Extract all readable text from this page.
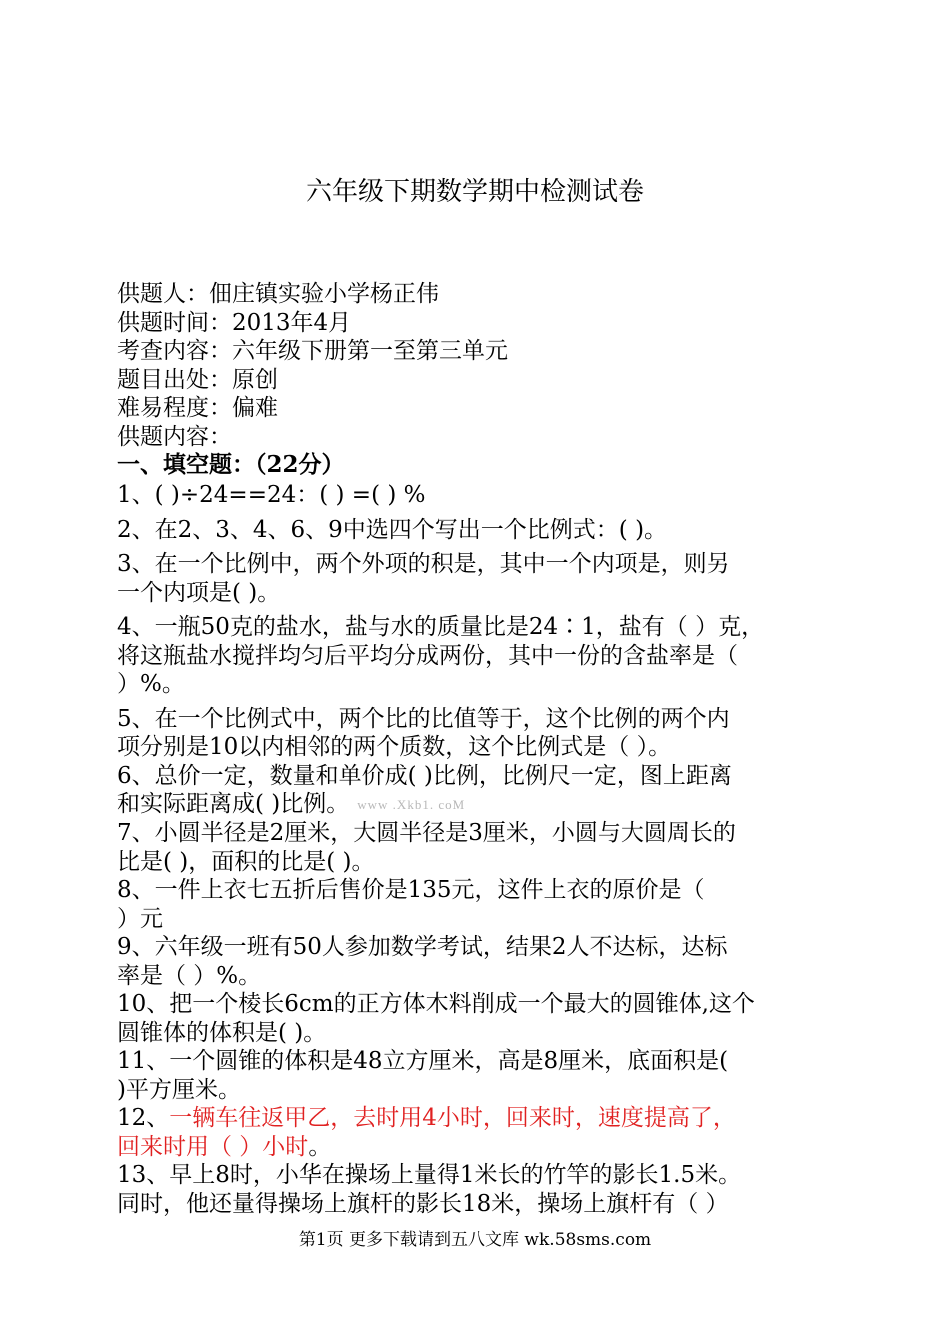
六年级下期数学期中检测试卷
供题人：佃庄镇实验小学杨正伟
供题时间：2013年4月
考查内容：六年级下册第一至第三单元
题目出处：原创
难易程度：偏难
供题内容：
一、填空题：（22分）
1、( )÷24==24：( ) =( ) %
2、在2、3、4、6、9中选四个写出一个比例式：( )。
3、在一个比例中，两个外项的积是，其中一个内项是，则另
一个内项是( )。
4、一瓶50克的盐水，盐与水的质量比是24∶1，盐有（ ）克，
将这瓶盐水搅拌均匀后平均分成两份，其中一份的含盐率是（
）%。
5、在一个比例式中，两个比的比值等于，这个比例的两个内
项分别是10以内相邻的两个质数，这个比例式是（ ）。
6、总价一定，数量和单价成( )比例，比例尺一定，图上距离
和实际距离成( )比例。 www .Xkb1. coM
7、小圆半径是2厘米，大圆半径是3厘米，小圆与大圆周长的
比是( )，面积的比是( )。
8、一件上衣七五折后售价是135元，这件上衣的原价是（
）元
9、六年级一班有50人参加数学考试，结果2人不达标，达标
率是（ ）%。
10、把一个棱长6cm的正方体木料削成一个最大的圆锥体,这个
圆锥体的体积是( )。
11、一个圆锥的体积是48立方厘米，高是8厘米，底面积是(
)平方厘米。
12、一辆车往返甲乙，去时用4小时，回来时，速度提高了，
回来时用（ ）小时。
13、早上8时，小华在操场上量得1米长的竹竿的影长1.5米。
同时，他还量得操场上旗杆的影长18米，操场上旗杆有（ ）
第1页 更多下载请到五八文库 wk.58sms.com
